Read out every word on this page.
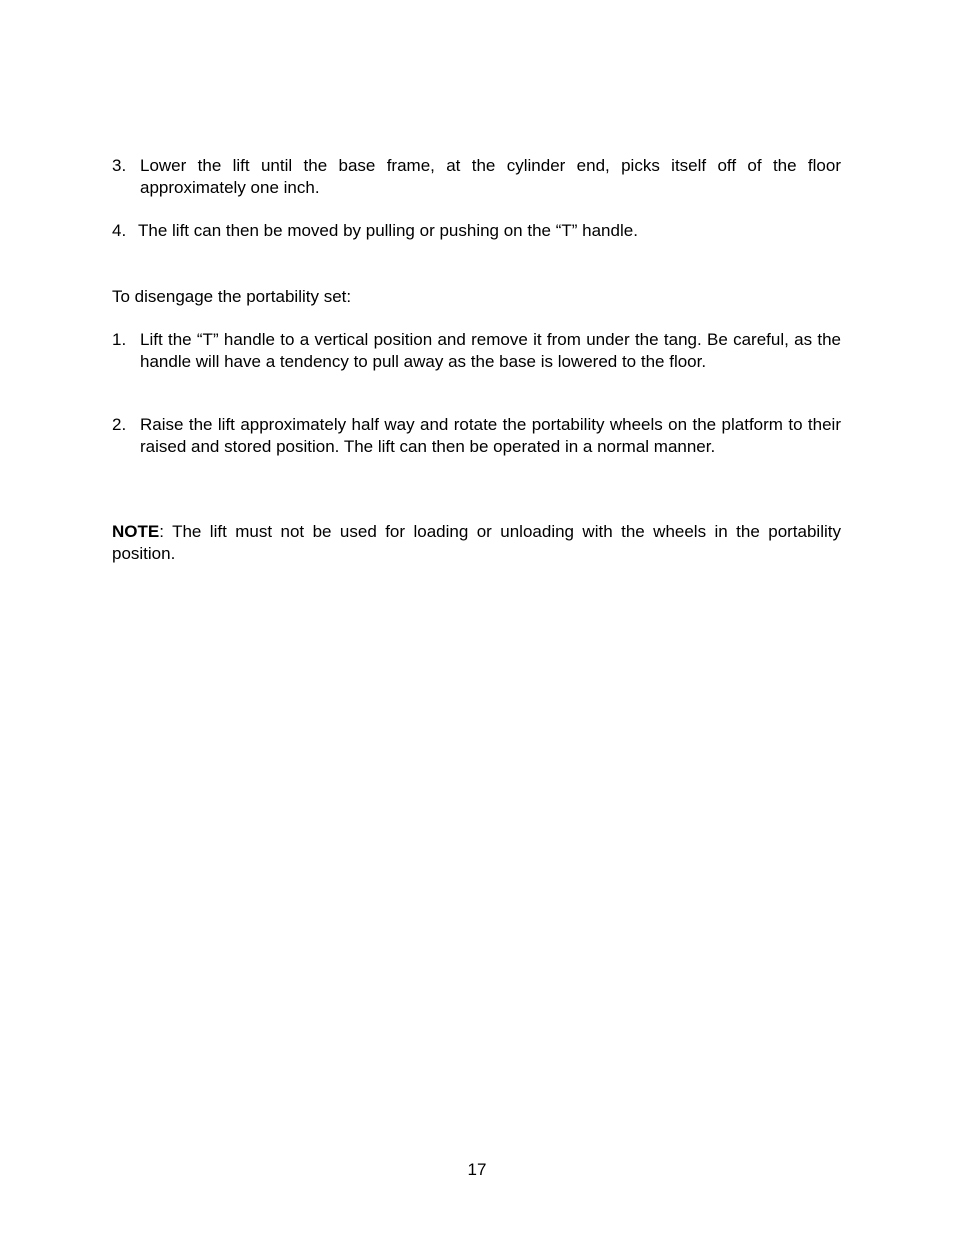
3. Lower the lift until the base frame, at the cylinder end, picks itself off of the floor approximately one inch.
4. The lift can then be moved by pulling or pushing on the “T” handle.
To disengage the portability set:
1. Lift the “T” handle to a vertical position and remove it from under the tang. Be careful, as the handle will have a tendency to pull away as the base is lowered to the floor.
2. Raise the lift approximately half way and rotate the portability wheels on the platform to their raised and stored position. The lift can then be operated in a normal manner.
NOTE: The lift must not be used for loading or unloading with the wheels in the portability position.
17
